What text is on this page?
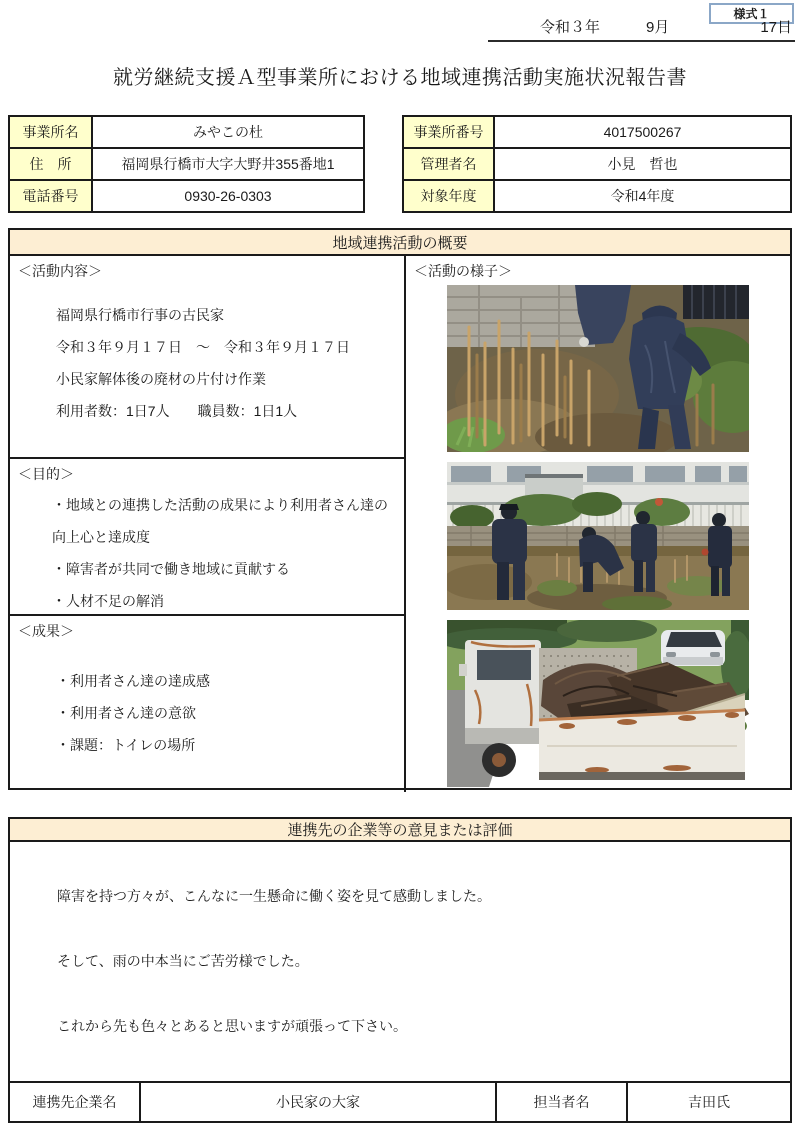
様式１
令和３年	9月	17日
就労継続支援Ａ型事業所における地域連携活動実施状況報告書
事業所名	みやこの杜
住　所	福岡県行橋市大字大野井355番地1
電話番号	0930-26-0303
事業所番号	4017500267
管理者名	小見　哲也
対象年度	令和4年度
地域連携活動の概要
＜活動内容＞
福岡県行橋市行事の古民家
令和３年９月１７日　～　令和３年９月１７日
小民家解体後の廃材の片付け作業
利用者数：1日7人　　職員数：1日1人
＜目的＞
・地域との連携した活動の成果により利用者さん達の
向上心と達成度
・障害者が共同で働き地域に貢献する
・人材不足の解消
＜成果＞
・利用者さん達の達成感
・利用者さん達の意欲
・課題：トイレの場所
＜活動の様子＞
連携先の企業等の意見または評価

障害を持つ方々が、こんなに一生懸命に働く姿を見て感動しました。

そして、雨の中本当にご苦労様でした。

これから先も色々とあると思いますが頑張って下さい。

連携先企業名	小民家の大家	担当者名	吉田氏
